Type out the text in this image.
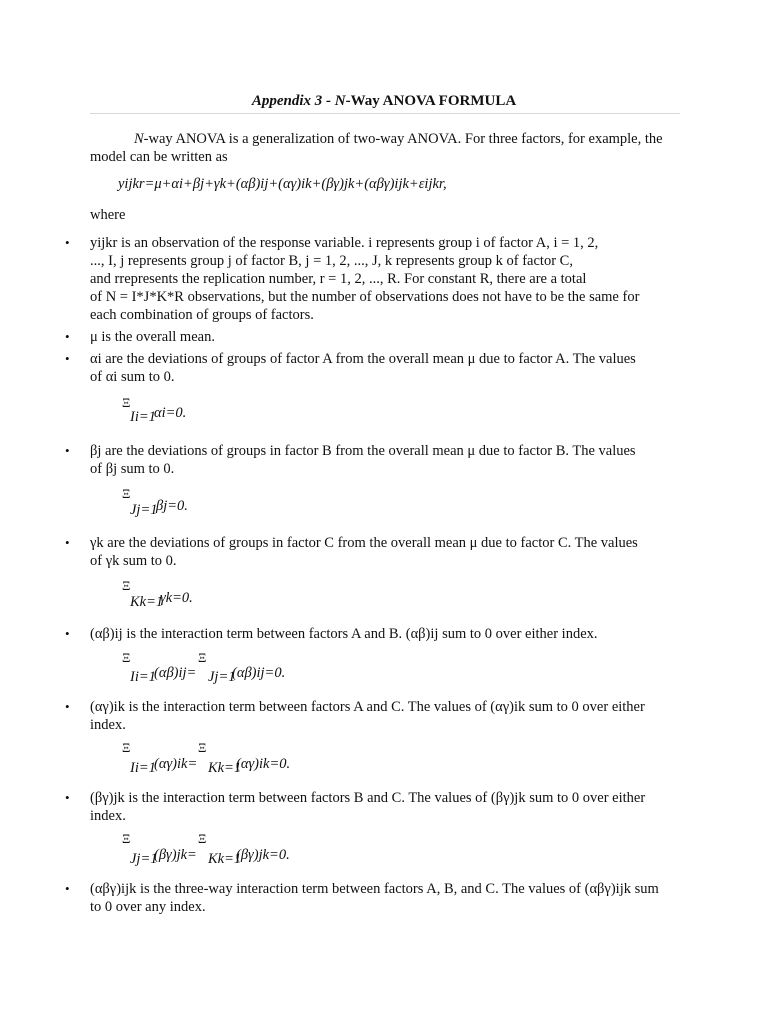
Appendix 3 - N-Way ANOVA FORMULA
N-way ANOVA is a generalization of two-way ANOVA. For three factors, for example, the model can be written as
yijkr=μ+αi+βj+γk+(αβ)ij+(αγ)ik+(βγ)jk+(αβγ)ijk+εijkr,
where
• yijkr is an observation of the response variable. i represents group i of factor A, i = 1, 2,
..., I, j represents group j of factor B, j = 1, 2, ..., J, k represents group k of factor C,
and rrepresents the replication number, r = 1, 2, ..., R. For constant R, there are a total
of N = I*J*K*R observations, but the number of observations does not have to be the same for
each combination of groups of factors.
• μ is the overall mean.
• αi are the deviations of groups of factor A from the overall mean μ due to factor A. The values
of αi sum to 0.
Ξ
Ii=1
αi=0.
• βj are the deviations of groups in factor B from the overall mean μ due to factor B. The values
of βj sum to 0.
Ξ
Jj=1
βj=0.
• γk are the deviations of groups in factor C from the overall mean μ due to factor C. The values
of γk sum to 0.
Ξ
Kk=1
γk=0.
• (αβ)ij is the interaction term between factors A and B. (αβ)ij sum to 0 over either index.
Ξ
Ii=1
(αβ)ij=
Ξ
Jj=1
(αβ)ij=0.
• (αγ)ik is the interaction term between factors A and C. The values of (αγ)ik sum to 0 over either
index.
Ξ
Ii=1
(αγ)ik=
Ξ
Kk=1
(αγ)ik=0.
• (βγ)jk is the interaction term between factors B and C. The values of (βγ)jk sum to 0 over either
index.
Ξ
Jj=1
(βγ)jk=
Ξ
Kk=1
(βγ)jk=0.
• (αβγ)ijk is the three-way interaction term between factors A, B, and C. The values of (αβγ)ijk sum
to 0 over any index.
